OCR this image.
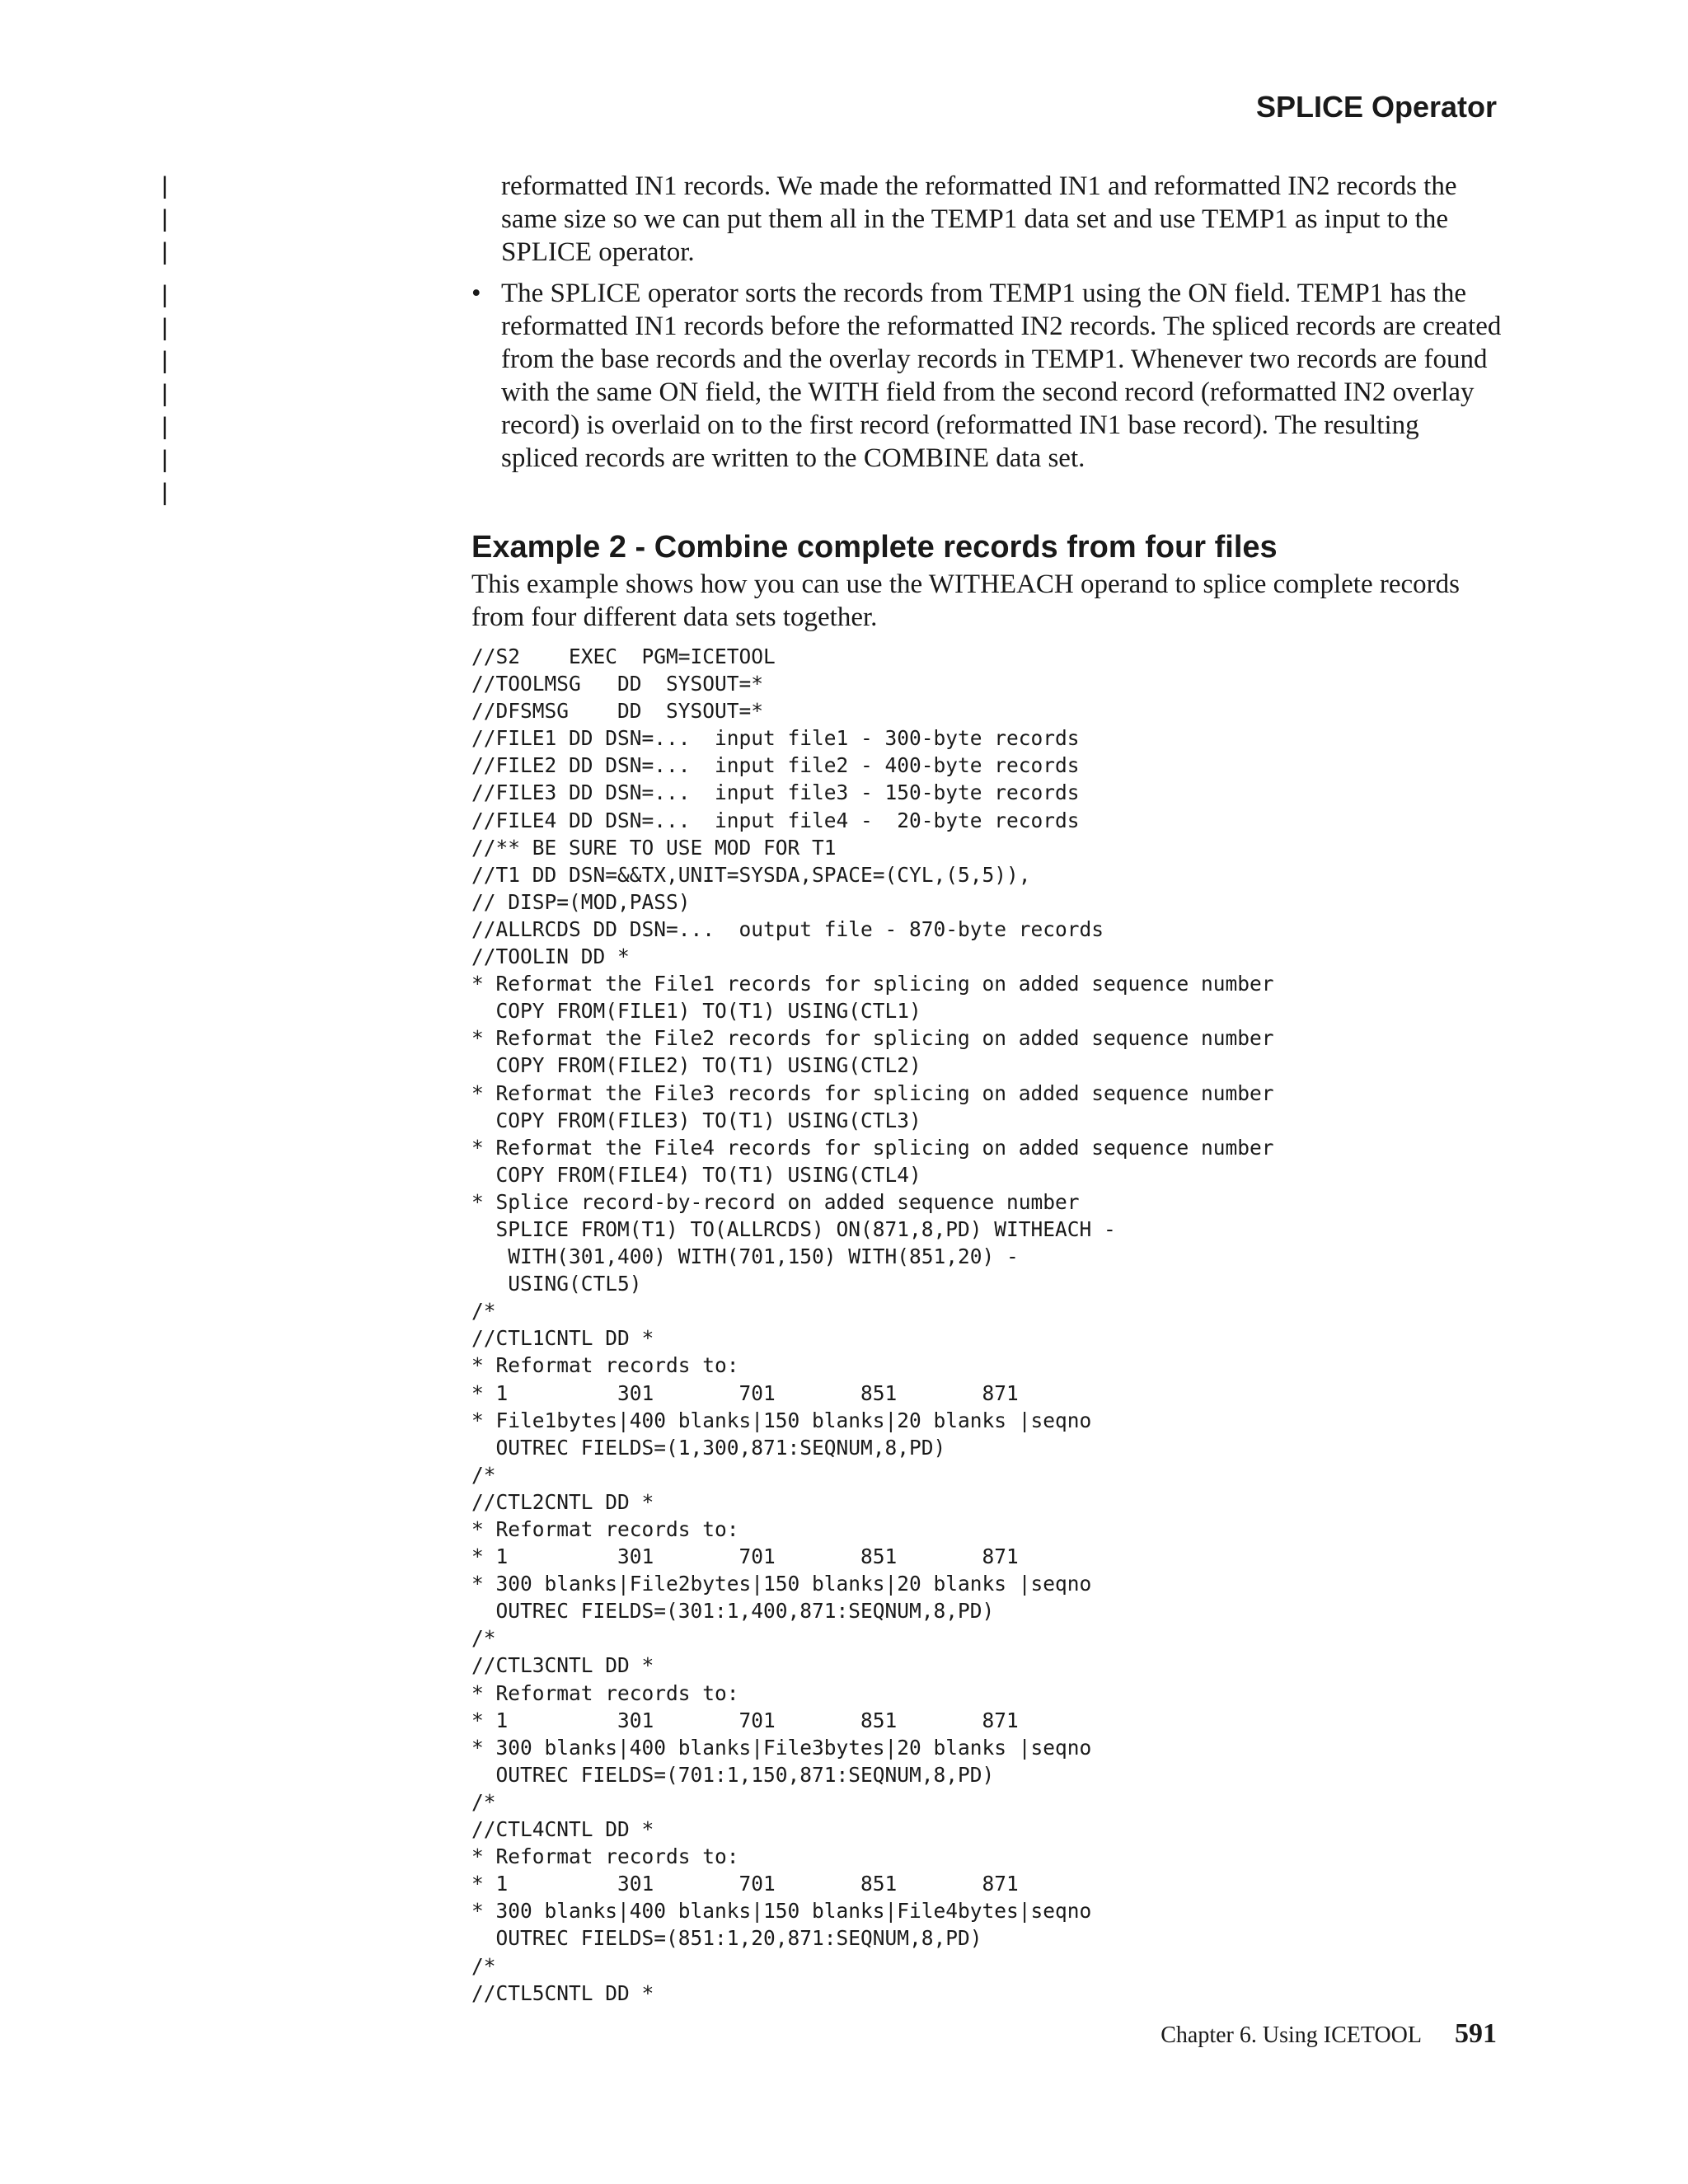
SPLICE Operator
|
|
|
|
|
|
|
|
|
|

reformatted IN1 records. We made the reformatted IN1 and reformatted IN2 records the same size so we can put them all in the TEMP1 data set and use TEMP1 as input to the SPLICE operator.

• The SPLICE operator sorts the records from TEMP1 using the ON field. TEMP1 has the reformatted IN1 records before the reformatted IN2 records. The spliced records are created from the base records and the overlay records in TEMP1. Whenever two records are found with the same ON field, the WITH field from the second record (reformatted IN2 overlay record) is overlaid on to the first record (reformatted IN1 base record). The resulting spliced records are written to the COMBINE data set.
Example 2 - Combine complete records from four files

This example shows how you can use the WITHEACH operand to splice complete records from four different data sets together.

//S2    EXEC  PGM=ICETOOL
//TOOLMSG   DD  SYSOUT=*
//DFSMSG    DD  SYSOUT=*
//FILE1 DD DSN=...  input file1 - 300-byte records
//FILE2 DD DSN=...  input file2 - 400-byte records
//FILE3 DD DSN=...  input file3 - 150-byte records
//FILE4 DD DSN=...  input file4 -  20-byte records
//** BE SURE TO USE MOD FOR T1
//T1 DD DSN=&&TX,UNIT=SYSDA,SPACE=(CYL,(5,5)),
// DISP=(MOD,PASS)
//ALLRCDS DD DSN=...  output file - 870-byte records
//TOOLIN DD *
* Reformat the File1 records for splicing on added sequence number
COPY FROM(FILE1) TO(T1) USING(CTL1)
* Reformat the File2 records for splicing on added sequence number
COPY FROM(FILE2) TO(T1) USING(CTL2)
* Reformat the File3 records for splicing on added sequence number
COPY FROM(FILE3) TO(T1) USING(CTL3)
* Reformat the File4 records for splicing on added sequence number
COPY FROM(FILE4) TO(T1) USING(CTL4)
* Splice record-by-record on added sequence number
SPLICE FROM(T1) TO(ALLRCDS) ON(871,8,PD) WITHEACH -
WITH(301,400) WITH(701,150) WITH(851,20) -
USING(CTL5)
/*
//CTL1CNTL DD *
* Reformat records to:
* 1         301       701       851       871
* File1bytes|400 blanks|150 blanks|20 blanks |seqno
OUTREC FIELDS=(1,300,871:SEQNUM,8,PD)
/*
//CTL2CNTL DD *
* Reformat records to:
* 1         301       701       851       871
* 300 blanks|File2bytes|150 blanks|20 blanks |seqno
OUTREC FIELDS=(301:1,400,871:SEQNUM,8,PD)
/*
//CTL3CNTL DD *
* Reformat records to:
* 1         301       701       851       871
* 300 blanks|400 blanks|File3bytes|20 blanks |seqno
OUTREC FIELDS=(701:1,150,871:SEQNUM,8,PD)
/*
//CTL4CNTL DD *
* Reformat records to:
* 1         301       701       851       871
* 300 blanks|400 blanks|150 blanks|File4bytes|seqno
OUTREC FIELDS=(851:1,20,871:SEQNUM,8,PD)
/*
//CTL5CNTL DD *
Chapter 6. Using ICETOOL 591
